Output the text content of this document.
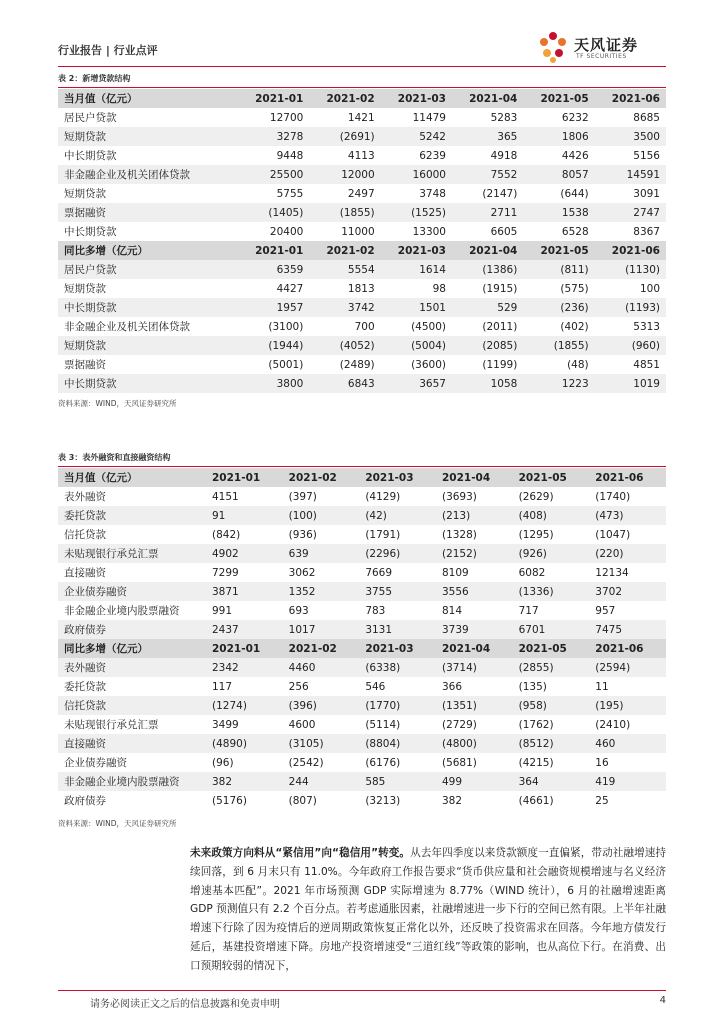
行业报告 | 行业点评	天风证券
TF SECURITIES
表 2：新增贷款结构
当月值（亿元）	2021-01	2021-02	2021-03	2021-04	2021-05	2021-06
居民户贷款	12700	1421	11479	5283	6232	8685
短期贷款	3278	(2691)	5242	365	1806	3500
中长期贷款	9448	4113	6239	4918	4426	5156
非金融企业及机关团体贷款	25500	12000	16000	7552	8057	14591
短期贷款	5755	2497	3748	(2147)	(644)	3091
票据融资	(1405)	(1855)	(1525)	2711	1538	2747
中长期贷款	20400	11000	13300	6605	6528	8367
同比多增（亿元）	2021-01	2021-02	2021-03	2021-04	2021-05	2021-06
居民户贷款	6359	5554	1614	(1386)	(811)	(1130)
短期贷款	4427	1813	98	(1915)	(575)	100
中长期贷款	1957	3742	1501	529	(236)	(1193)
非金融企业及机关团体贷款	(3100)	700	(4500)	(2011)	(402)	5313
短期贷款	(1944)	(4052)	(5004)	(2085)	(1855)	(960)
票据融资	(5001)	(2489)	(3600)	(1199)	(48)	4851
中长期贷款	3800	6843	3657	1058	1223	1019
资料来源：WIND，天风证券研究所
表 3：表外融资和直接融资结构
当月值（亿元）	2021-01	2021-02	2021-03	2021-04	2021-05	2021-06
表外融资	4151	(397)	(4129)	(3693)	(2629)	(1740)
委托贷款	91	(100)	(42)	(213)	(408)	(473)
信托贷款	(842)	(936)	(1791)	(1328)	(1295)	(1047)
未贴现银行承兑汇票	4902	639	(2296)	(2152)	(926)	(220)
直接融资	7299	3062	7669	8109	6082	12134
企业债券融资	3871	1352	3755	3556	(1336)	3702
非金融企业境内股票融资	991	693	783	814	717	957
政府债券	2437	1017	3131	3739	6701	7475
同比多增（亿元）	2021-01	2021-02	2021-03	2021-04	2021-05	2021-06
表外融资	2342	4460	(6338)	(3714)	(2855)	(2594)
委托贷款	117	256	546	366	(135)	11
信托贷款	(1274)	(396)	(1770)	(1351)	(958)	(195)
未贴现银行承兑汇票	3499	4600	(5114)	(2729)	(1762)	(2410)
直接融资	(4890)	(3105)	(8804)	(4800)	(8512)	460
企业债券融资	(96)	(2542)	(6176)	(5681)	(4215)	16
非金融企业境内股票融资	382	244	585	499	364	419
政府债券	(5176)	(807)	(3213)	382	(4661)	25
资料来源：WIND，天风证券研究所
未来政策方向料从“紧信用”向“稳信用”转变。从去年四季度以来贷款额度一直偏紧，带动社融增速持续回落，到 6 月末只有 11.0%。今年政府工作报告要求“货币供应量和社会融资规模增速与名义经济增速基本匹配”。2021 年市场预测 GDP 实际增速为 8.77%（WIND 统计），6 月的社融增速距离 GDP 预测值只有 2.2 个百分点。若考虑通胀因素，社融增速进一步下行的空间已然有限。上半年社融增速下行除了因为疫情后的逆周期政策恢复正常化以外，还反映了投资需求在回落。今年地方债发行延后，基建投资增速下降。房地产投资增速受“三道红线”等政策的影响，也从高位下行。在消费、出口预期较弱的情况下，
请务必阅读正文之后的信息披露和免责申明	4
